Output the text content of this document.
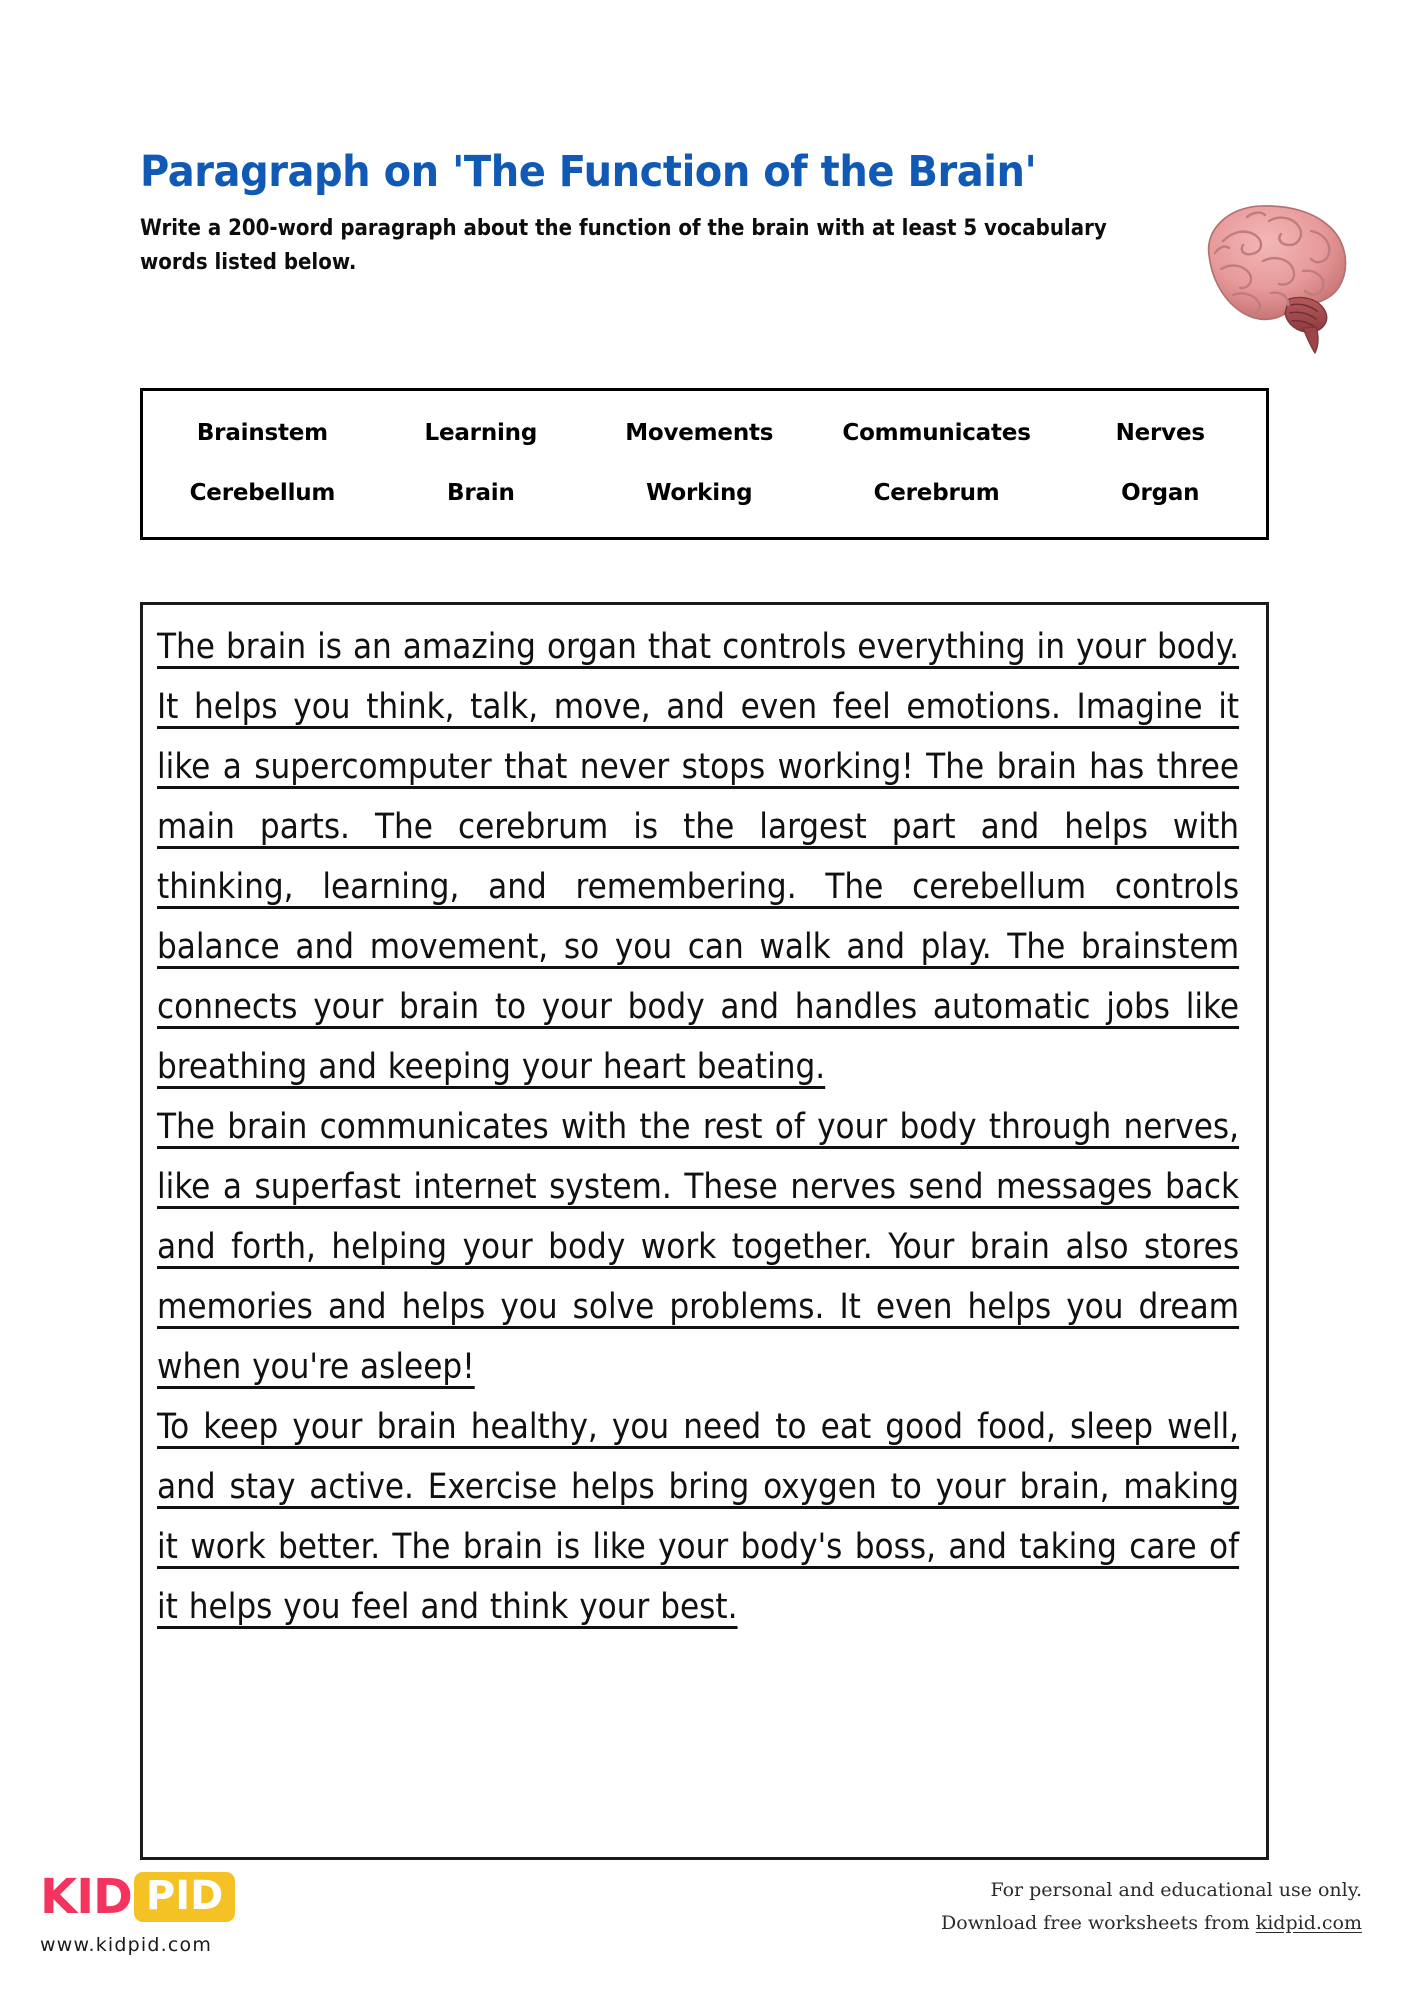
Paragraph on 'The Function of the Brain'

Write a 200-word paragraph about the function of the brain with at least 5 vocabulary words listed below.

Brainstem	Learning	Movements	Communicates	Nerves
Cerebellum	Brain	Working	Cerebrum	Organ

The brain is an amazing organ that controls everything in your body. It helps you think, talk, move, and even feel emotions. Imagine it like a supercomputer that never stops working! The brain has three main parts. The cerebrum is the largest part and helps with thinking, learning, and remembering. The cerebellum controls balance and movement, so you can walk and play. The brainstem connects your brain to your body and handles automatic jobs like breathing and keeping your heart beating.

The brain communicates with the rest of your body through nerves, like a superfast internet system. These nerves send messages back and forth, helping your body work together. Your brain also stores memories and helps you solve problems. It even helps you dream when you're asleep!

To keep your brain healthy, you need to eat good food, sleep well, and stay active. Exercise helps bring oxygen to your brain, making it work better. The brain is like your body's boss, and taking care of it helps you feel and think your best.

KID PID
www.kidpid.com
For personal and educational use only.
Download free worksheets from kidpid.com
